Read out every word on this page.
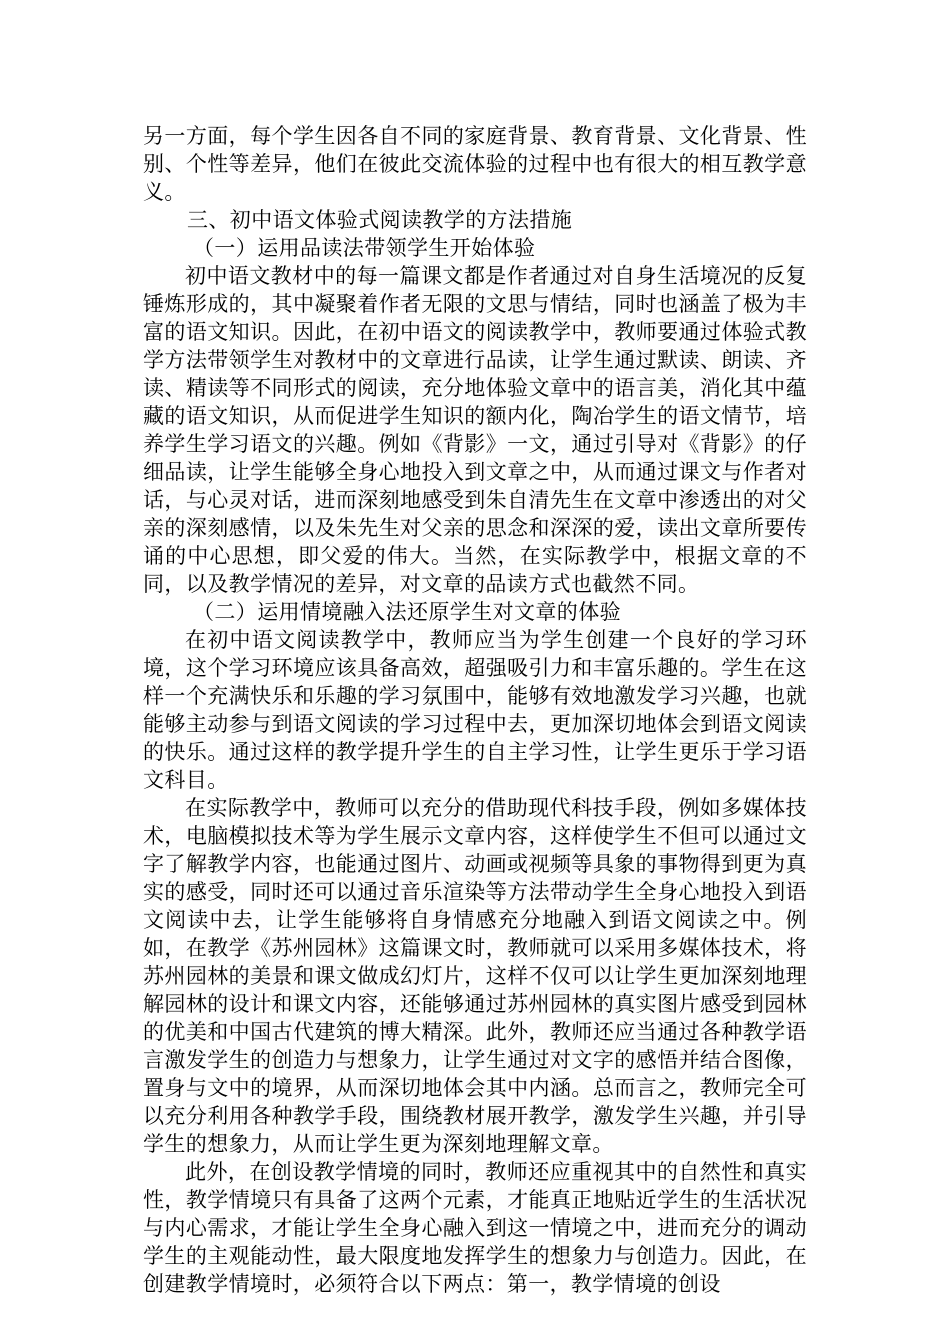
另一方面，每个学生因各自不同的家庭背景、教育背景、文化背景、性别、个性等差异，他们在彼此交流体验的过程中也有很大的相互教学意义。

三、初中语文体验式阅读教学的方法措施

（一）运用品读法带领学生开始体验

初中语文教材中的每一篇课文都是作者通过对自身生活境况的反复锤炼形成的，其中凝聚着作者无限的文思与情结，同时也涵盖了极为丰富的语文知识。因此，在初中语文的阅读教学中，教师要通过体验式教学方法带领学生对教材中的文章进行品读，让学生通过默读、朗读、齐读、精读等不同形式的阅读，充分地体验文章中的语言美，消化其中蕴藏的语文知识，从而促进学生知识的额内化，陶冶学生的语文情节，培养学生学习语文的兴趣。例如《背影》一文，通过引导对《背影》的仔细品读，让学生能够全身心地投入到文章之中，从而通过课文与作者对话，与心灵对话，进而深刻地感受到朱自清先生在文章中渗透出的对父亲的深刻感情，以及朱先生对父亲的思念和深深的爱，读出文章所要传诵的中心思想，即父爱的伟大。当然，在实际教学中，根据文章的不同，以及教学情况的差异，对文章的品读方式也截然不同。

（二）运用情境融入法还原学生对文章的体验

在初中语文阅读教学中，教师应当为学生创建一个良好的学习环境，这个学习环境应该具备高效，超强吸引力和丰富乐趣的。学生在这样一个充满快乐和乐趣的学习氛围中，能够有效地激发学习兴趣，也就能够主动参与到语文阅读的学习过程中去，更加深切地体会到语文阅读的快乐。通过这样的教学提升学生的自主学习性，让学生更乐于学习语文科目。

在实际教学中，教师可以充分的借助现代科技手段，例如多媒体技术，电脑模拟技术等为学生展示文章内容，这样使学生不但可以通过文字了解教学内容，也能通过图片、动画或视频等具象的事物得到更为真实的感受，同时还可以通过音乐渲染等方法带动学生全身心地投入到语文阅读中去，让学生能够将自身情感充分地融入到语文阅读之中。例如，在教学《苏州园林》这篇课文时，教师就可以采用多媒体技术，将苏州园林的美景和课文做成幻灯片，这样不仅可以让学生更加深刻地理解园林的设计和课文内容，还能够通过苏州园林的真实图片感受到园林的优美和中国古代建筑的博大精深。此外，教师还应当通过各种教学语言激发学生的创造力与想象力，让学生通过对文字的感悟并结合图像，置身与文中的境界，从而深切地体会其中内涵。总而言之，教师完全可以充分利用各种教学手段，围绕教材展开教学，激发学生兴趣，并引导学生的想象力，从而让学生更为深刻地理解文章。

此外，在创设教学情境的同时，教师还应重视其中的自然性和真实性，教学情境只有具备了这两个元素，才能真正地贴近学生的生活状况与内心需求，才能让学生全身心融入到这一情境之中，进而充分的调动学生的主观能动性，最大限度地发挥学生的想象力与创造力。因此，在创建教学情境时，必须符合以下两点：第一，教学情境的创设
